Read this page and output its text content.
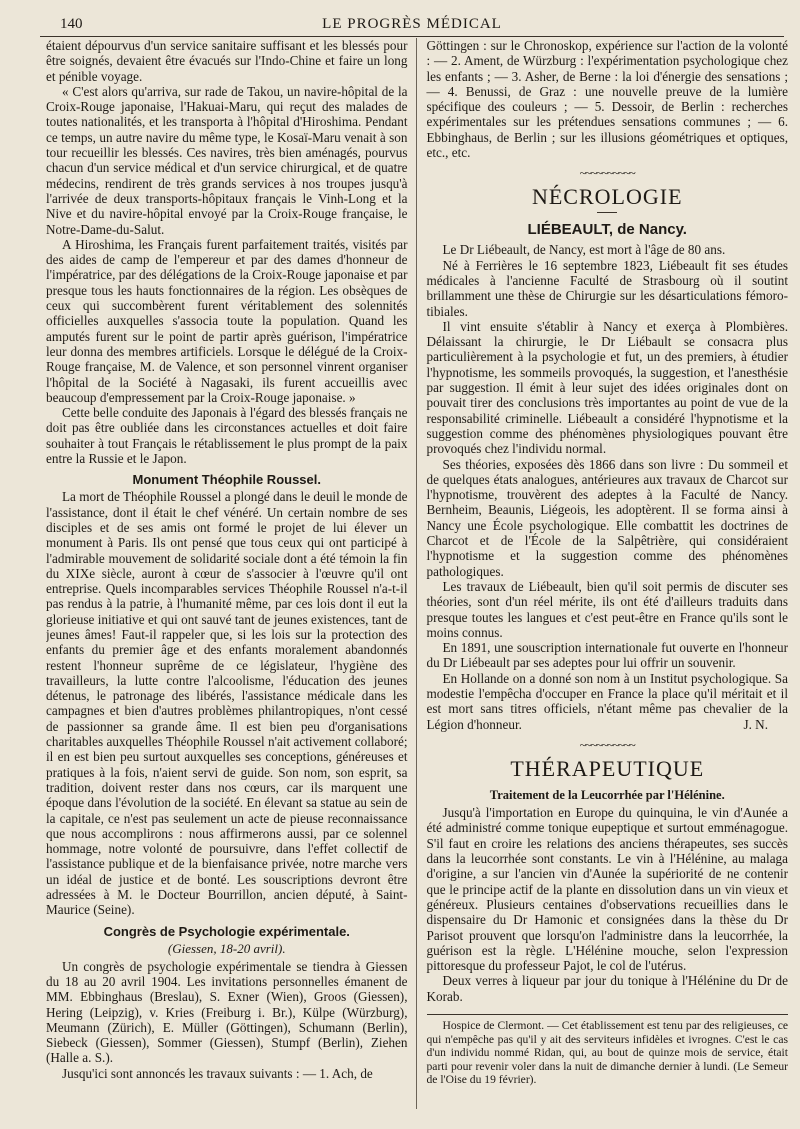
140	LE PROGRÈS MÉDICAL

étaient dépourvus d'un service sanitaire suffisant et les blessés pour être soignés, devaient être évacués sur l'Indo-Chine et faire un long et pénible voyage.

« C'est alors qu'arriva, sur rade de Takou, un navire-hôpital de la Croix-Rouge japonaise, l'Hakuai-Maru, qui reçut des malades de toutes nationalités, et les transporta à l'hôpital d'Hiroshima. Pendant ce temps, un autre navire du même type, le Kosaï-Maru venait à son tour recueillir les blessés. Ces navires, très bien aménagés, pourvus chacun d'un service médical et d'un service chirurgical, et de quatre médecins, rendirent de très grands services à nos troupes jusqu'à l'arrivée de deux transports-hôpitaux français le Vinh-Long et la Nive et du navire-hôpital envoyé par la Croix-Rouge française, le Notre-Dame-du-Salut.

A Hiroshima, les Français furent parfaitement traités, visités par des aides de camp de l'empereur et par des dames d'honneur de l'impératrice, par des délégations de la Croix-Rouge japonaise et par presque tous les hauts fonctionnaires de la région. Les obsèques de ceux qui succombèrent furent véritablement des solennités officielles auxquelles s'associa toute la population. Quand les amputés furent sur le point de partir après guérison, l'impératrice leur donna des membres artificiels. Lorsque le délégué de la Croix-Rouge française, M. de Valence, et son personnel vinrent organiser l'hôpital de la Société à Nagasaki, ils furent accueillis avec beaucoup d'empressement par la Croix-Rouge japonaise. »

Cette belle conduite des Japonais à l'égard des blessés français ne doit pas être oubliée dans les circonstances actuelles et doit faire souhaiter à tout Français le rétablissement le plus prompt de la paix entre la Russie et le Japon.

Monument Théophile Roussel.

La mort de Théophile Roussel a plongé dans le deuil le monde de l'assistance, dont il était le chef vénéré. Un certain nombre de ses disciples et de ses amis ont formé le projet de lui élever un monument à Paris. Ils ont pensé que tous ceux qui ont participé à l'admirable mouvement de solidarité sociale dont a été témoin la fin du XIXe siècle, auront à cœur de s'associer à l'œuvre qu'il ont entreprise. Quels incomparables services Théophile Roussel n'a-t-il pas rendus à la patrie, à l'humanité même, par ces lois dont il eut la glorieuse initiative et qui ont sauvé tant de jeunes existences, tant de jeunes âmes! Faut-il rappeler que, si les lois sur la protection des enfants du premier âge et des enfants moralement abandonnés restent l'honneur suprême de ce législateur, l'hygiène des travailleurs, la lutte contre l'alcoolisme, l'éducation des jeunes détenus, le patronage des libérés, l'assistance médicale dans les campagnes et bien d'autres problèmes philantropiques, n'ont cessé de passionner sa grande âme. Il est bien peu d'organisations charitables auxquelles Théophile Roussel n'ait activement collaboré; il en est bien peu surtout auxquelles ses conceptions, généreuses et pratiques à la fois, n'aient servi de guide. Son nom, son esprit, sa tradition, doivent rester dans nos cœurs, car ils marquent une époque dans l'évolution de la société. En élevant sa statue au sein de la capitale, ce n'est pas seulement un acte de pieuse reconnaissance que nous accomplirons : nous affirmerons aussi, par ce solennel hommage, notre volonté de poursuivre, dans l'effet collectif de l'assistance publique et de la bienfaisance privée, notre marche vers un idéal de justice et de bonté. Les souscriptions devront être adressées à M. le Docteur Bourrillon, ancien député, à Saint-Maurice (Seine).

Congrès de Psychologie expérimentale.
(Giessen, 18-20 avril).

Un congrès de psychologie expérimentale se tiendra à Giessen du 18 au 20 avril 1904. Les invitations personnelles émanent de MM. Ebbinghaus (Breslau), S. Exner (Wien), Groos (Giessen), Hering (Leipzig), v. Kries (Freiburg i. Br.), Külpe (Würzburg), Meumann (Zürich), E. Müller (Göttingen), Schumann (Berlin), Siebeck (Giessen), Sommer (Giessen), Stumpf (Berlin), Ziehen (Halle a. S.).

Jusqu'ici sont annoncés les travaux suivants : — 1. Ach, de

Göttingen : sur le Chronoskop, expérience sur l'action de la volonté : — 2. Ament, de Würzburg : l'expérimentation psychologique chez les enfants ; — 3. Asher, de Berne : la loi d'énergie des sensations ; — 4. Benussi, de Graz : une nouvelle preuve de la lumière spécifique des couleurs ; — 5. Dessoir, de Berlin : recherches expérimentales sur les prétendues sensations communes ; — 6. Ebbinghaus, de Berlin ; sur les illusions géométriques et optiques, etc., etc.

~~~~~~~~~~
NÉCROLOGIE
LIÉBEAULT, de Nancy.

Le Dr Liébeault, de Nancy, est mort à l'âge de 80 ans.

Né à Ferrières le 16 septembre 1823, Liébeault fit ses études médicales à l'ancienne Faculté de Strasbourg où il soutint brillamment une thèse de Chirurgie sur les désarticulations fémoro-tibiales.

Il vint ensuite s'établir à Nancy et exerça à Plombières. Délaissant la chirurgie, le Dr Liébault se consacra plus particulièrement à la psychologie et fut, un des premiers, à étudier l'hypnotisme, les sommeils provoqués, la suggestion, et l'anesthésie par suggestion. Il émit à leur sujet des idées originales dont on pouvait tirer des conclusions très importantes au point de vue de la responsabilité criminelle. Liébeault a considéré l'hypnotisme et la suggestion comme des phénomènes physiologiques pouvant être provoqués chez l'individu normal.

Ses théories, exposées dès 1866 dans son livre : Du sommeil et de quelques états analogues, antérieures aux travaux de Charcot sur l'hypnotisme, trouvèrent des adeptes à la Faculté de Nancy. Bernheim, Beaunis, Liégeois, les adoptèrent. Il se forma ainsi à Nancy une École psychologique. Elle combattit les doctrines de Charcot et de l'École de la Salpêtrière, qui considéraient l'hypnotisme et la suggestion comme des phénomènes pathologiques.

Les travaux de Liébeault, bien qu'il soit permis de discuter ses théories, sont d'un réel mérite, ils ont été d'ailleurs traduits dans presque toutes les langues et c'est peut-être en France qu'ils sont le moins connus.

En 1891, une souscription internationale fut ouverte en l'honneur du Dr Liébeault par ses adeptes pour lui offrir un souvenir.

En Hollande on a donné son nom à un Institut psychologique. Sa modestie l'empêcha d'occuper en France la place qu'il méritait et il est mort sans titres officiels, n'étant même pas chevalier de la Légion d'honneur.	J. N.
~~~~~~~~~~
THÉRAPEUTIQUE
Traitement de la Leucorrhée par l'Hélénine.

Jusqu'à l'importation en Europe du quinquina, le vin d'Aunée a été administré comme tonique eupeptique et surtout emménagogue. S'il faut en croire les relations des anciens thérapeutes, ses succès dans la leucorrhée sont constants. Le vin à l'Hélénine, au malaga d'origine, a sur l'ancien vin d'Aunée la supériorité de ne contenir que le principe actif de la plante en dissolution dans un vin vieux et généreux. Plusieurs centaines d'observations recueillies dans le dispensaire du Dr Hamonic et consignées dans la thèse du Dr Parisot prouvent que lorsqu'on l'administre dans la leucorrhée, la guérison est la règle. L'Hélénine mouche, selon l'expression pittoresque du professeur Pajot, le col de l'utérus.

Deux verres à liqueur par jour du tonique à l'Hélénine du Dr de Korab.

Hospice de Clermont. — Cet établissement est tenu par des religieuses, ce qui n'empêche pas qu'il y ait des serviteurs infidèles et ivrognes. C'est le cas d'un individu nommé Ridan, qui, au bout de quinze mois de service, était parti pour revenir voler dans la nuit de dimanche dernier à lundi. (Le Semeur de l'Oise du 19 février).
